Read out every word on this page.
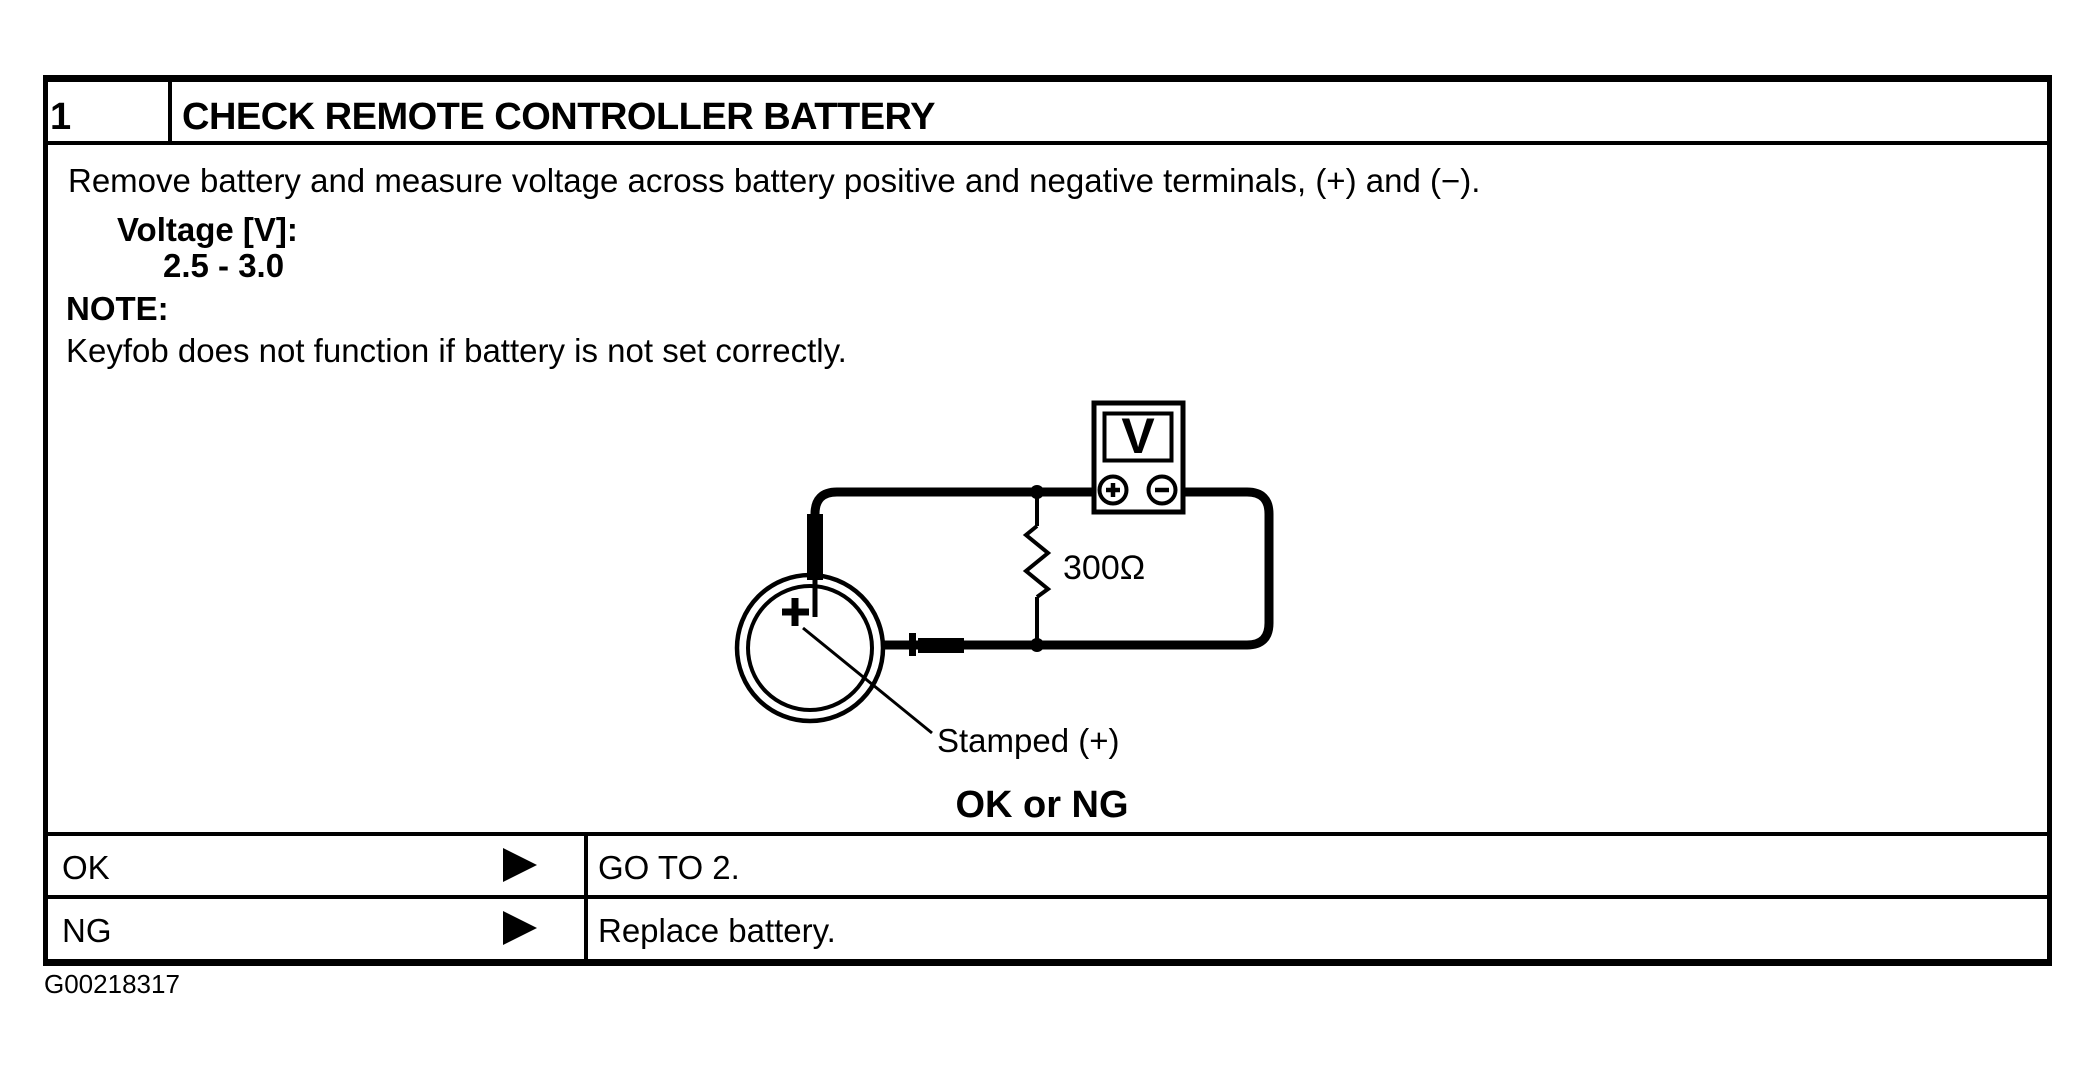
1	CHECK REMOTE CONTROLLER BATTERY
Remove battery and measure voltage across battery positive and negative terminals, (+) and (−).
Voltage [V]:
2.5 - 3.0
NOTE:
Keyfob does not function if battery is not set correctly.
V
300Ω
Stamped (+)
OK or NG
OK	GO TO 2.
NG	Replace battery.
G00218317
